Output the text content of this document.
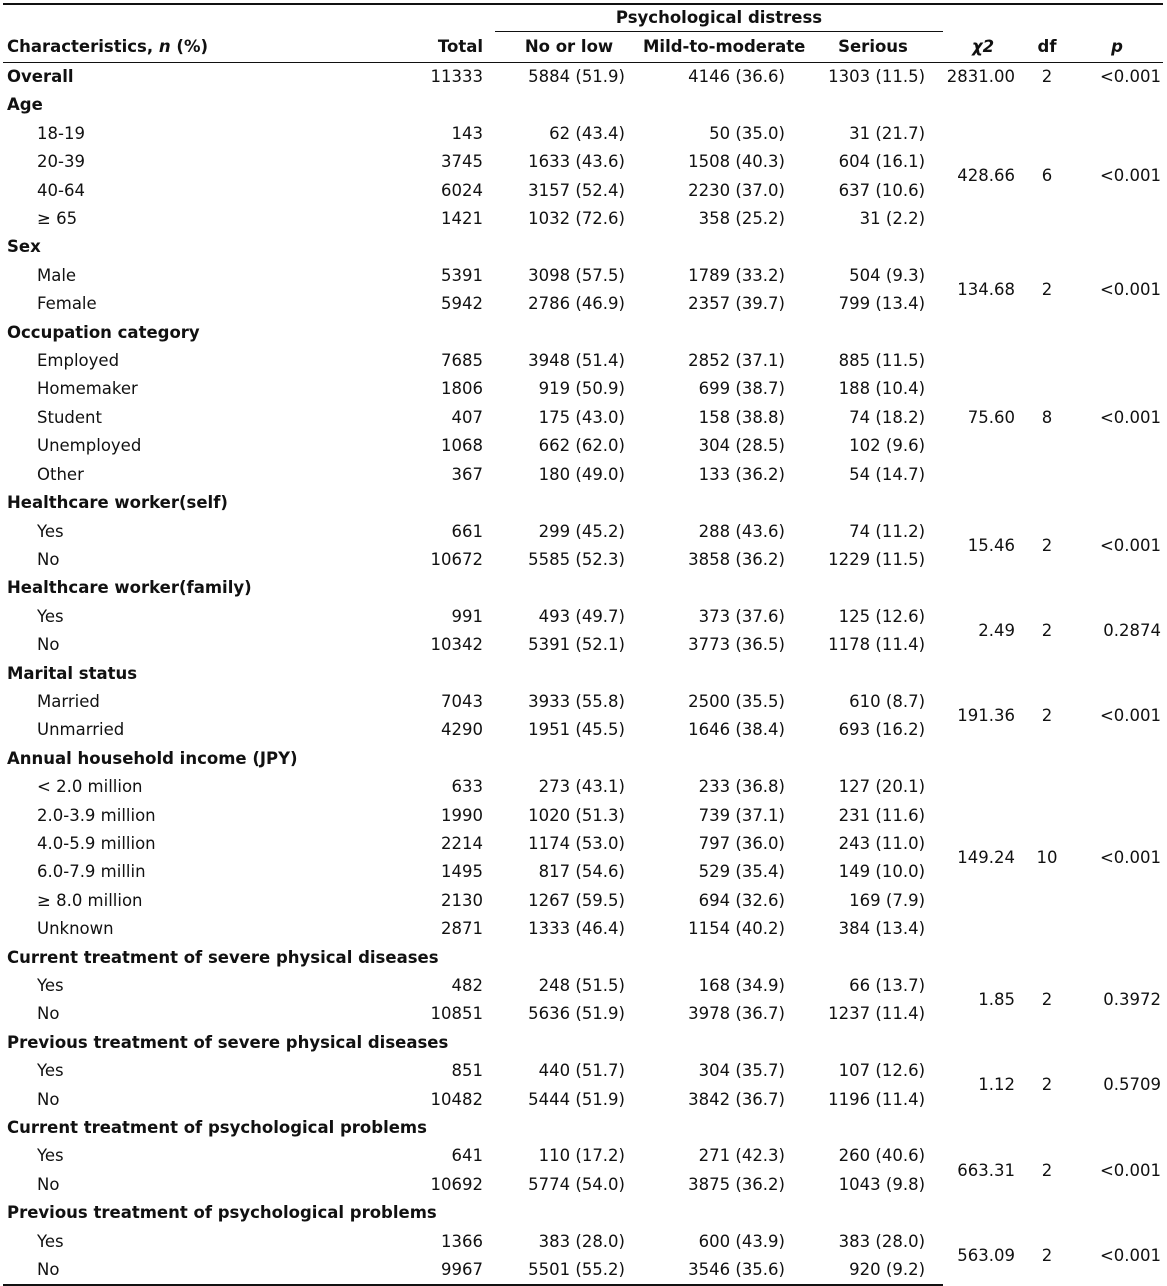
		Psychological distress					
Characteristics, n (%)	Total	No or low	Mild-to-moderate	Serious	χ2	df	p
Overall	11333	5884 (51.9)	4146 (36.6)	1303 (11.5)	2831.00	2	<0.001
Age							
18-19	143	62 (43.4)	50 (35.0)	31 (21.7)	428.66	6	<0.001
20-39	3745	1633 (43.6)	1508 (40.3)	604 (16.1)			
40-64	6024	3157 (52.4)	2230 (37.0)	637 (10.6)			
≥ 65	1421	1032 (72.6)	358 (25.2)	31 (2.2)			
Sex							
Male	5391	3098 (57.5)	1789 (33.2)	504 (9.3)	134.68	2	<0.001
Female	5942	2786 (46.9)	2357 (39.7)	799 (13.4)			
Occupation category							
Employed	7685	3948 (51.4)	2852 (37.1)	885 (11.5)	75.60	8	<0.001
Homemaker	1806	919 (50.9)	699 (38.7)	188 (10.4)			
Student	407	175 (43.0)	158 (38.8)	74 (18.2)			
Unemployed	1068	662 (62.0)	304 (28.5)	102 (9.6)			
Other	367	180 (49.0)	133 (36.2)	54 (14.7)			
Healthcare worker(self)							
Yes	661	299 (45.2)	288 (43.6)	74 (11.2)	15.46	2	<0.001
No	10672	5585 (52.3)	3858 (36.2)	1229 (11.5)			
Healthcare worker(family)							
Yes	991	493 (49.7)	373 (37.6)	125 (12.6)	2.49	2	0.2874
No	10342	5391 (52.1)	3773 (36.5)	1178 (11.4)			
Marital status							
Married	7043	3933 (55.8)	2500 (35.5)	610 (8.7)	191.36	2	<0.001
Unmarried	4290	1951 (45.5)	1646 (38.4)	693 (16.2)			
Annual household income (JPY)							
< 2.0 million	633	273 (43.1)	233 (36.8)	127 (20.1)	149.24	10	<0.001
2.0-3.9 million	1990	1020 (51.3)	739 (37.1)	231 (11.6)			
4.0-5.9 million	2214	1174 (53.0)	797 (36.0)	243 (11.0)			
6.0-7.9 millin	1495	817 (54.6)	529 (35.4)	149 (10.0)			
≥ 8.0 million	2130	1267 (59.5)	694 (32.6)	169 (7.9)			
Unknown	2871	1333 (46.4)	1154 (40.2)	384 (13.4)			
Current treatment of severe physical diseases							
Yes	482	248 (51.5)	168 (34.9)	66 (13.7)	1.85	2	0.3972
No	10851	5636 (51.9)	3978 (36.7)	1237 (11.4)			
Previous treatment of severe physical diseases							
Yes	851	440 (51.7)	304 (35.7)	107 (12.6)	1.12	2	0.5709
No	10482	5444 (51.9)	3842 (36.7)	1196 (11.4)			
Current treatment of psychological problems							
Yes	641	110 (17.2)	271 (42.3)	260 (40.6)	663.31	2	<0.001
No	10692	5774 (54.0)	3875 (36.2)	1043 (9.8)			
Previous treatment of psychological problems							
Yes	1366	383 (28.0)	600 (43.9)	383 (28.0)	563.09	2	<0.001
No	9967	5501 (55.2)	3546 (35.6)	920 (9.2)			
